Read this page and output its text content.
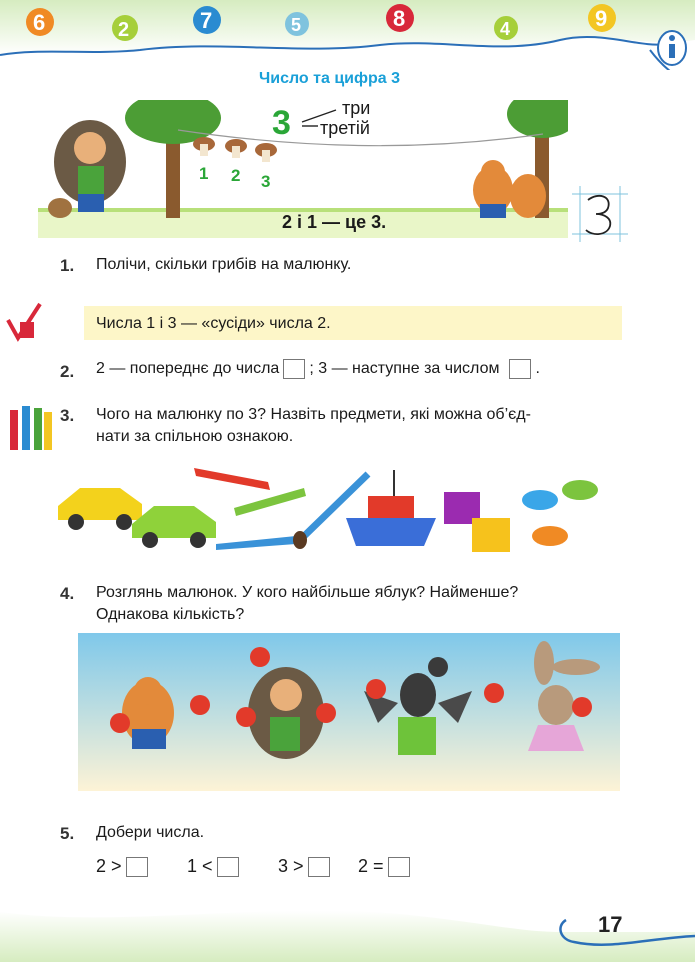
6	2	7	5	8	4	9
Число та цифра 3
3	три
третій
1 2 3
2 і 1 — це 3.
1. Полічи, скільки грибів на малюнку.
Числа 1 і 3 — «сусіди» числа 2.
2. 2 — попереднє до числа ; 3 — наступне за числом .
3. Чого на малюнку по 3? Назвіть предмети, які можна об’єд-
нати за спільною ознакою.
4. Розглянь малюнок. У кого найбільше яблук? Найменше?
Однакова кількість?
5. Добери числа.
2 >	1 <	3 >	2 =
17
